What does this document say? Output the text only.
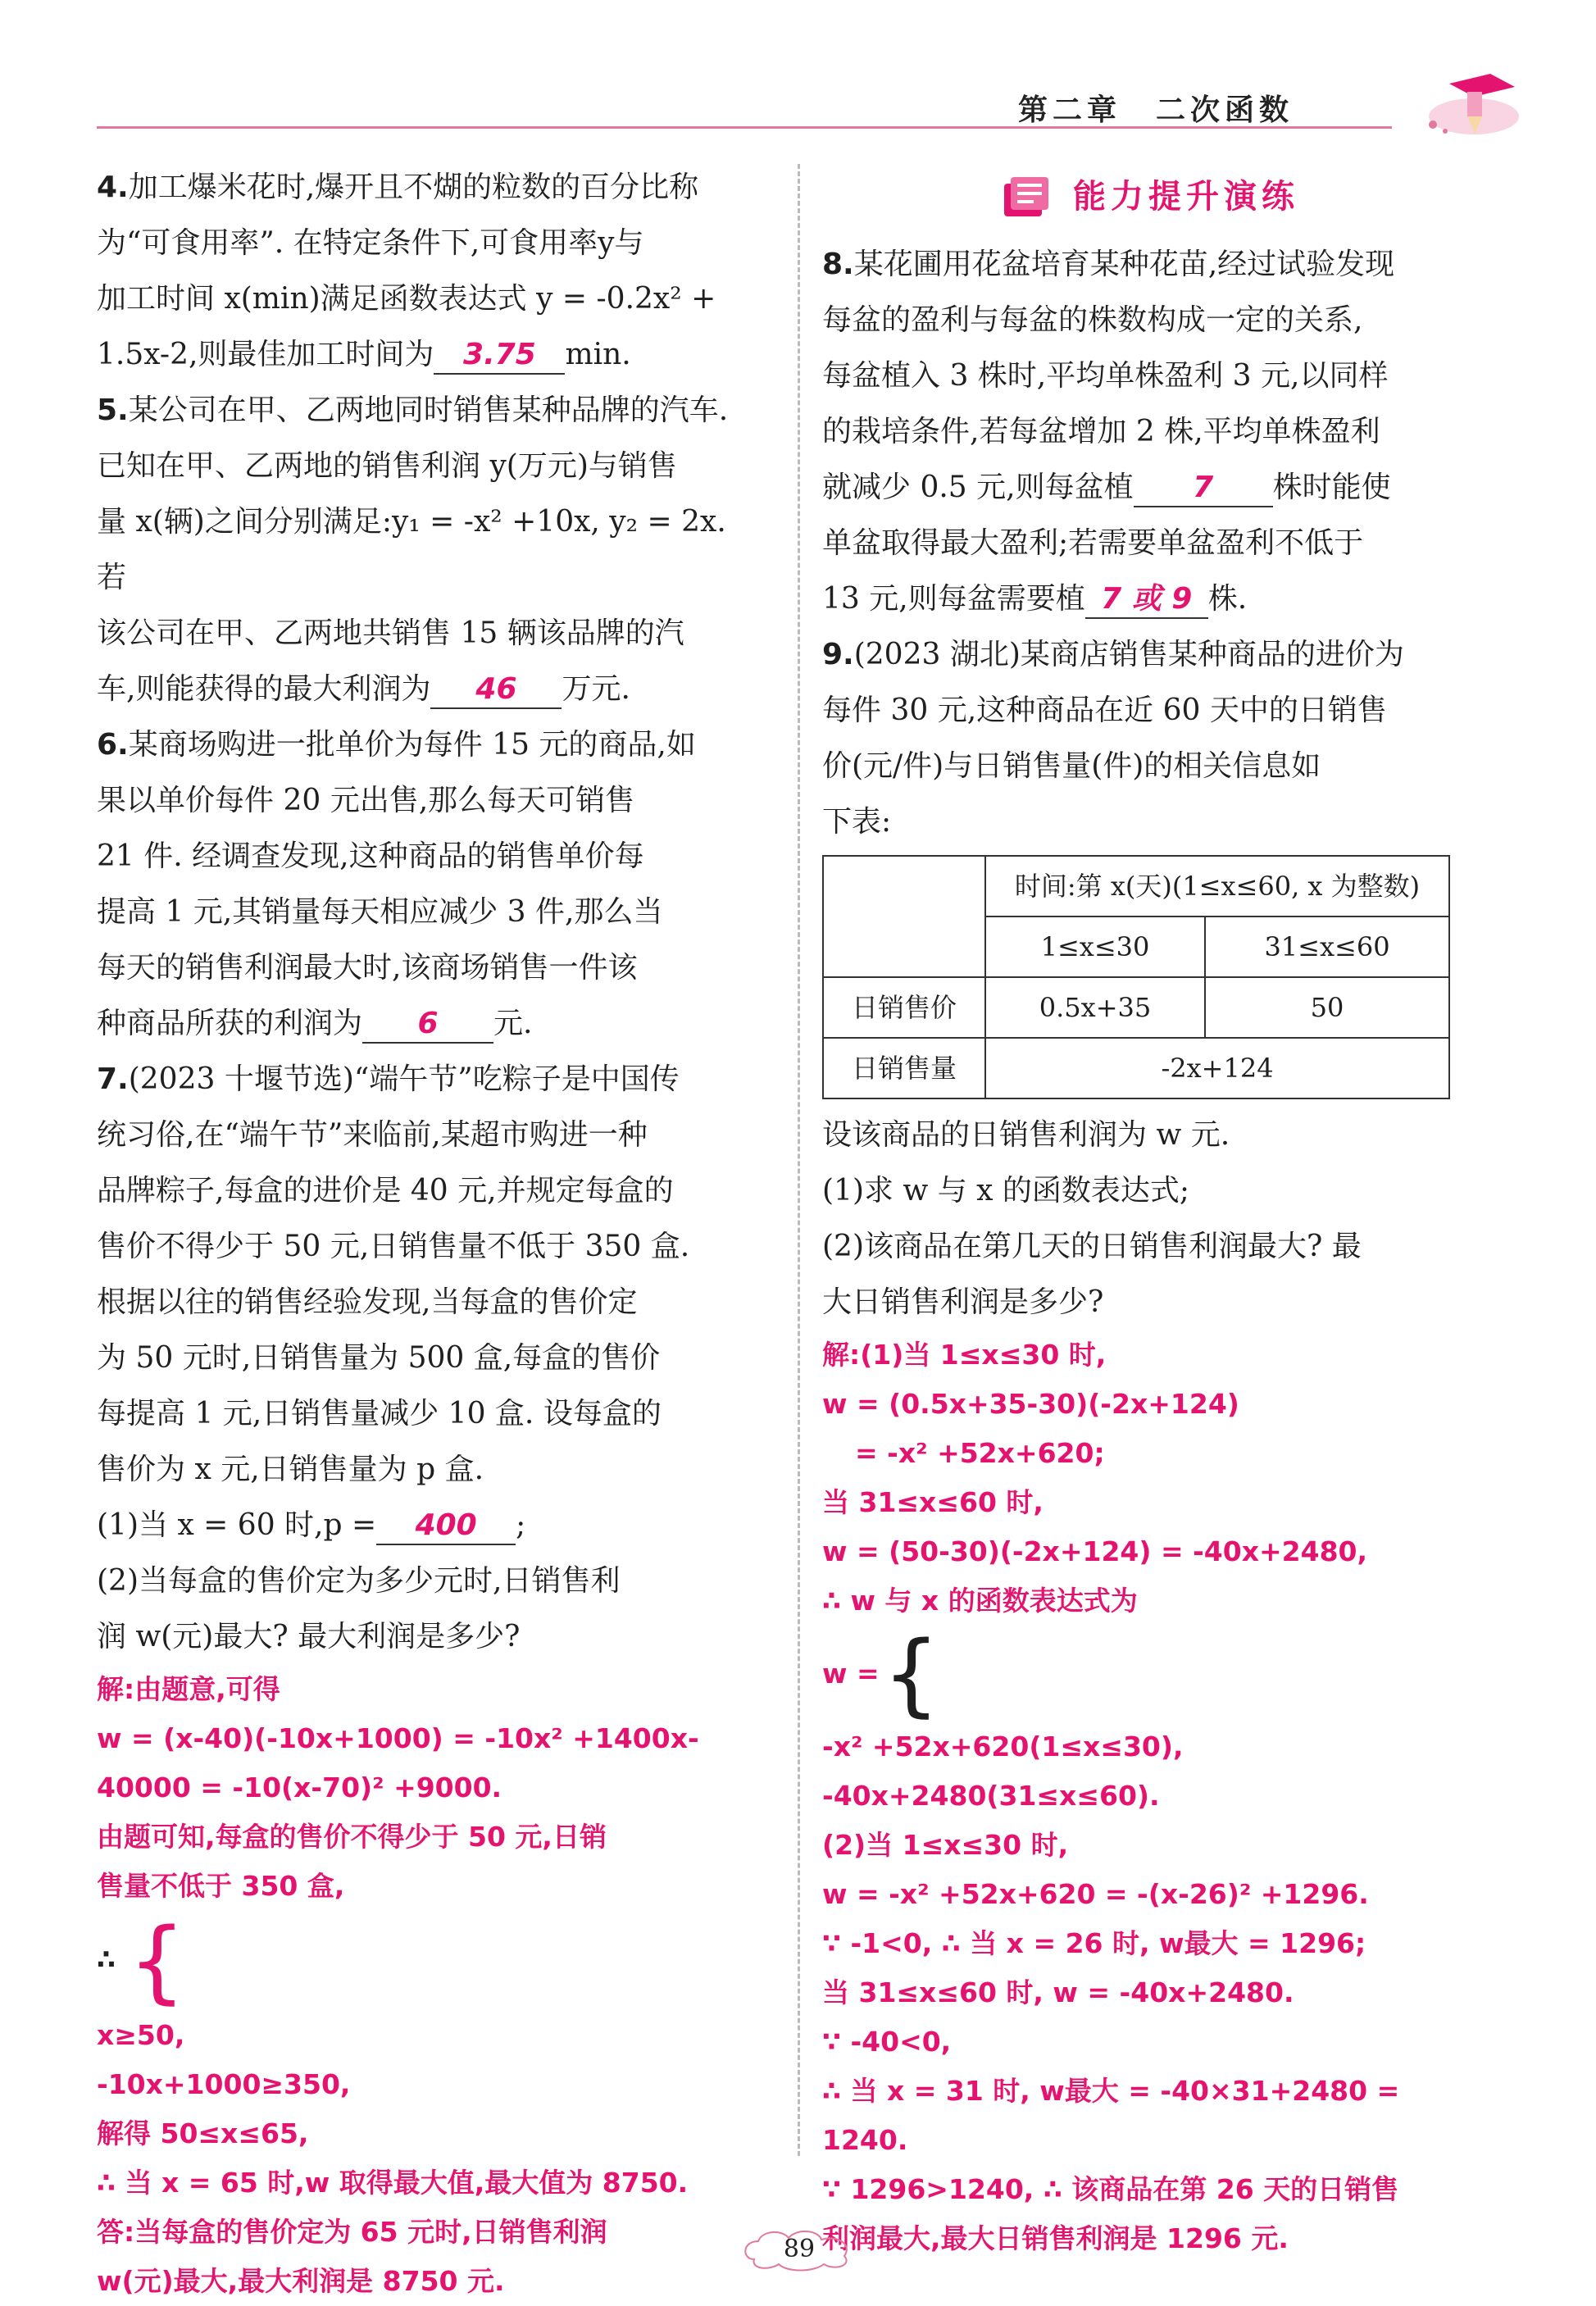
第二章　二次函数

4.加工爆米花时,爆开且不煳的粒数的百分比称

为“可食用率”. 在特定条件下,可食用率y与

加工时间 x(min)满足函数表达式 y = -0.2x² +

1.5x-2,则最佳加工时间为 3.75 min.

5.某公司在甲、乙两地同时销售某种品牌的汽车.

已知在甲、乙两地的销售利润 y(万元)与销售

量 x(辆)之间分别满足:y₁ = -x² +10x, y₂ = 2x. 若

该公司在甲、乙两地共销售 15 辆该品牌的汽

车,则能获得的最大利润为 46 万元.

6.某商场购进一批单价为每件 15 元的商品,如

果以单价每件 20 元出售,那么每天可销售

21 件. 经调查发现,这种商品的销售单价每

提高 1 元,其销量每天相应减少 3 件,那么当

每天的销售利润最大时,该商场销售一件该

种商品所获的利润为 6 元.

7.(2023 十堰节选)“端午节”吃粽子是中国传

统习俗,在“端午节”来临前,某超市购进一种

品牌粽子,每盒的进价是 40 元,并规定每盒的

售价不得少于 50 元,日销售量不低于 350 盒.

根据以往的销售经验发现,当每盒的售价定

为 50 元时,日销售量为 500 盒,每盒的售价

每提高 1 元,日销售量减少 10 盒. 设每盒的

售价为 x 元,日销售量为 p 盒.

(1)当 x = 60 时,p = 400 ;

(2)当每盒的售价定为多少元时,日销售利

润 w(元)最大? 最大利润是多少?

解:由题意,可得

w = (x-40)(-10x+1000) = -10x² +1400x-

40000 = -10(x-70)² +9000.

由题可知,每盒的售价不得少于 50 元,日销

售量不低于 350 盒,

∴ {

x≥50,

-10x+1000≥350,

解得 50≤x≤65,

∴ 当 x = 65 时,w 取得最大值,最大值为 8750.

答:当每盒的售价定为 65 元时,日销售利润

w(元)最大,最大利润是 8750 元.

能力提升演练

8.某花圃用花盆培育某种花苗,经过试验发现

每盆的盈利与每盆的株数构成一定的关系,

每盆植入 3 株时,平均单株盈利 3 元,以同样

的栽培条件,若每盆增加 2 株,平均单株盈利

就减少 0.5 元,则每盆植 7 株时能使

单盆取得最大盈利;若需要单盆盈利不低于

13 元,则每盆需要植 7 或 9 株.

9.(2023 湖北)某商店销售某种商品的进价为

每件 30 元,这种商品在近 60 天中的日销售

价(元/件)与日销售量(件)的相关信息如

下表:

	时间:第 x(天)(1≤x≤60, x 为整数)	
	1≤x≤30	31≤x≤60
日销售价	0.5x+35	50
日销售量	-2x+124	

设该商品的日销售利润为 w 元.

(1)求 w 与 x 的函数表达式;

(2)该商品在第几天的日销售利润最大? 最

大日销售利润是多少?

解:(1)当 1≤x≤30 时,

w = (0.5x+35-30)(-2x+124)

= -x² +52x+620;

当 31≤x≤60 时,

w = (50-30)(-2x+124) = -40x+2480,

∴ w 与 x 的函数表达式为

w = {

-x² +52x+620(1≤x≤30),

-40x+2480(31≤x≤60).

(2)当 1≤x≤30 时,

w = -x² +52x+620 = -(x-26)² +1296.

∵ -1<0, ∴ 当 x = 26 时, w最大 = 1296;

当 31≤x≤60 时, w = -40x+2480.

∵ -40<0,

∴ 当 x = 31 时, w最大 = -40×31+2480 = 1240.

∵ 1296>1240, ∴ 该商品在第 26 天的日销售

利润最大,最大日销售利润是 1296 元.

89
